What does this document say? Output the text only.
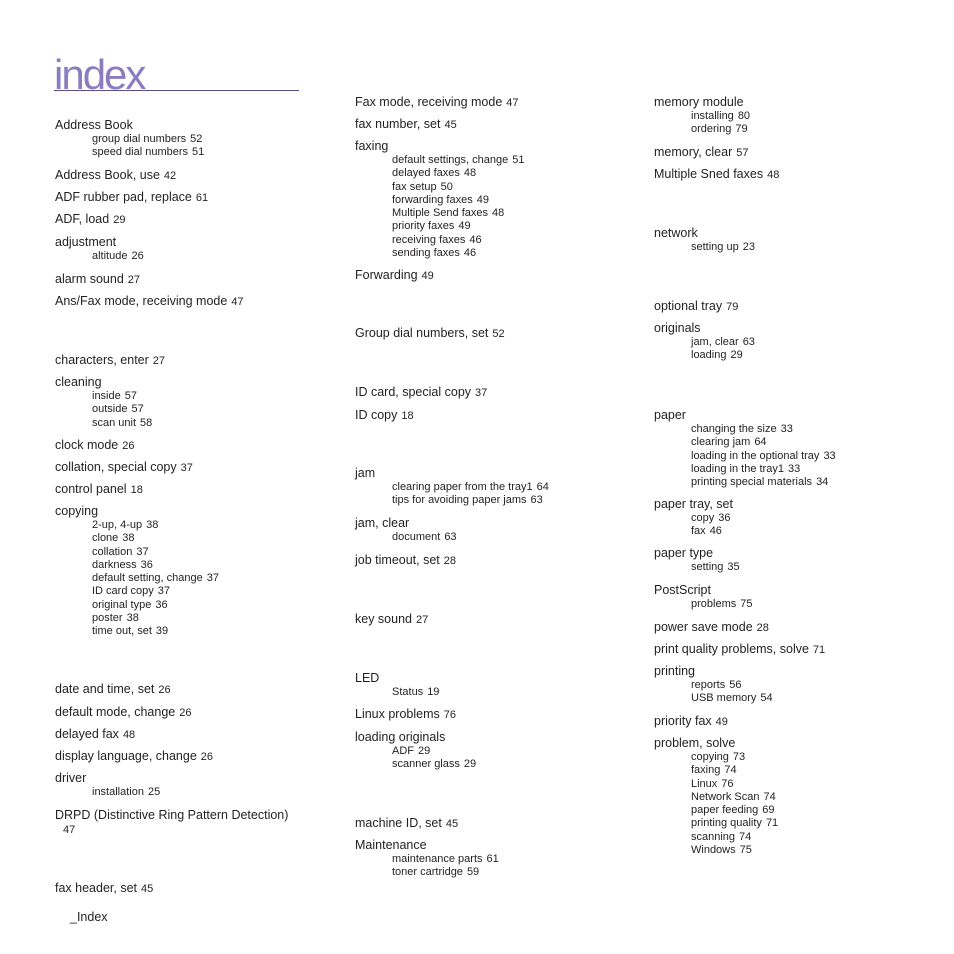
index
Address Book
group dial numbers 52
speed dial numbers 51
Address Book, use 42
ADF rubber pad, replace 61
ADF, load 29
adjustment
altitude 26
alarm sound 27
Ans/Fax mode, receiving mode 47
characters, enter 27
cleaning
inside 57
outside 57
scan unit 58
clock mode 26
collation, special copy 37
control panel 18
copying
2-up, 4-up 38
clone 38
collation 37
darkness 36
default setting, change 37
ID card copy 37
original type 36
poster 38
time out, set 39
date and time, set 26
default mode, change 26
delayed fax 48
display language, change 26
driver
installation 25
DRPD (Distinctive Ring Pattern Detection)
47
fax header, set 45
Fax mode, receiving mode 47
fax number, set 45
faxing
default settings, change 51
delayed faxes 48
fax setup 50
forwarding faxes 49
Multiple Send faxes 48
priority faxes 49
receiving faxes 46
sending faxes 46
Forwarding 49
Group dial numbers, set 52
ID card, special copy 37
ID copy 18
jam
clearing paper from the tray1 64
tips for avoiding paper jams 63
jam, clear
document 63
job timeout, set 28
key sound 27
LED
Status 19
Linux problems 76
loading originals
ADF 29
scanner glass 29
machine ID, set 45
Maintenance
maintenance parts 61
toner cartridge 59
memory module
installing 80
ordering 79
memory, clear 57
Multiple Sned faxes 48
network
setting up 23
optional tray 79
originals
jam, clear 63
loading 29
paper
changing the size 33
clearing jam 64
loading in the optional tray 33
loading in the tray1 33
printing special materials 34
paper tray, set
copy 36
fax 46
paper type
setting 35
PostScript
problems 75
power save mode 28
print quality problems, solve 71
printing
reports 56
USB memory 54
priority fax 49
problem, solve
copying 73
faxing 74
Linux 76
Network Scan 74
paper feeding 69
printing quality 71
scanning 74
Windows 75
_Index
